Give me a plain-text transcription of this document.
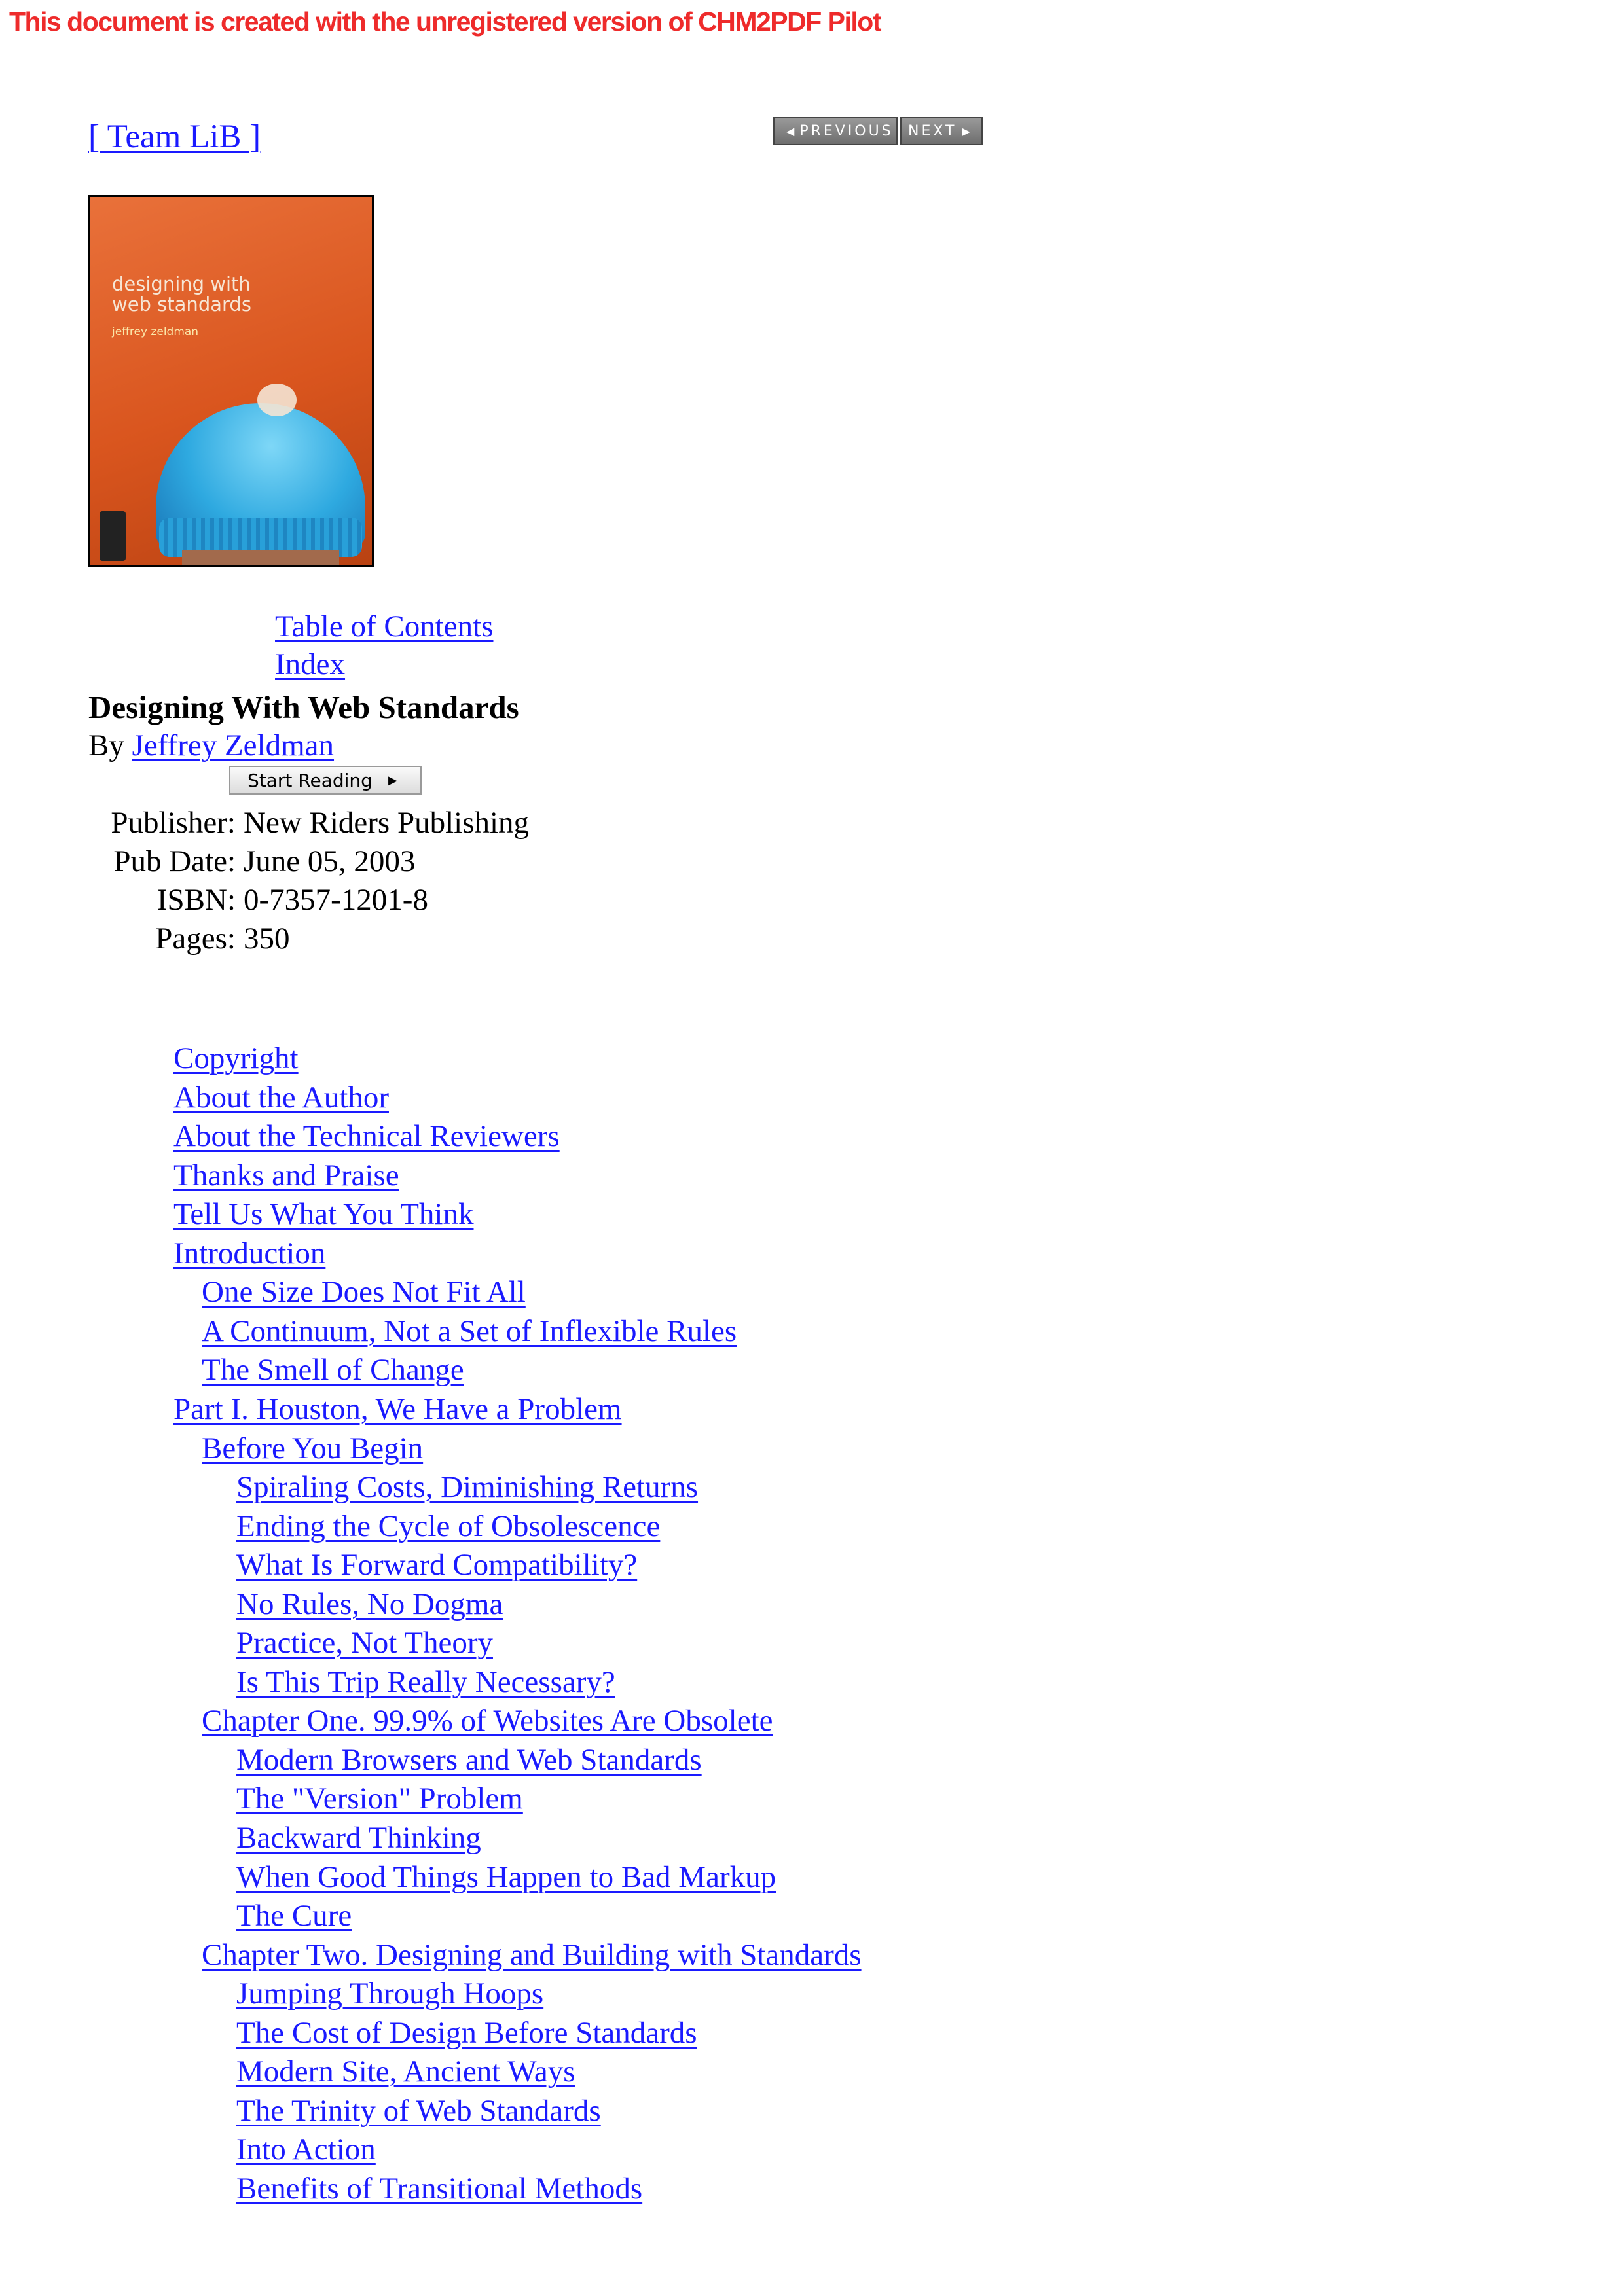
This document is created with the unregistered version of CHM2PDF Pilot
[ Team LiB ]	◀ PREVIOUS NEXT ▶
designing with
web standards
jeffrey zeldman
Table of Contents
Index
Designing With Web Standards
By Jeffrey Zeldman
Start Reading ▶
Publisher: New Riders Publishing
Pub Date: June 05, 2003
ISBN: 0-7357-1201-8
Pages: 350
Copyright
About the Author
About the Technical Reviewers
Thanks and Praise
Tell Us What You Think
Introduction
One Size Does Not Fit All
A Continuum, Not a Set of Inflexible Rules
The Smell of Change
Part I. Houston, We Have a Problem
Before You Begin
Spiraling Costs, Diminishing Returns
Ending the Cycle of Obsolescence
What Is Forward Compatibility?
No Rules, No Dogma
Practice, Not Theory
Is This Trip Really Necessary?
Chapter One. 99.9% of Websites Are Obsolete
Modern Browsers and Web Standards
The "Version" Problem
Backward Thinking
When Good Things Happen to Bad Markup
The Cure
Chapter Two. Designing and Building with Standards
Jumping Through Hoops
The Cost of Design Before Standards
Modern Site, Ancient Ways
The Trinity of Web Standards
Into Action
Benefits of Transitional Methods
